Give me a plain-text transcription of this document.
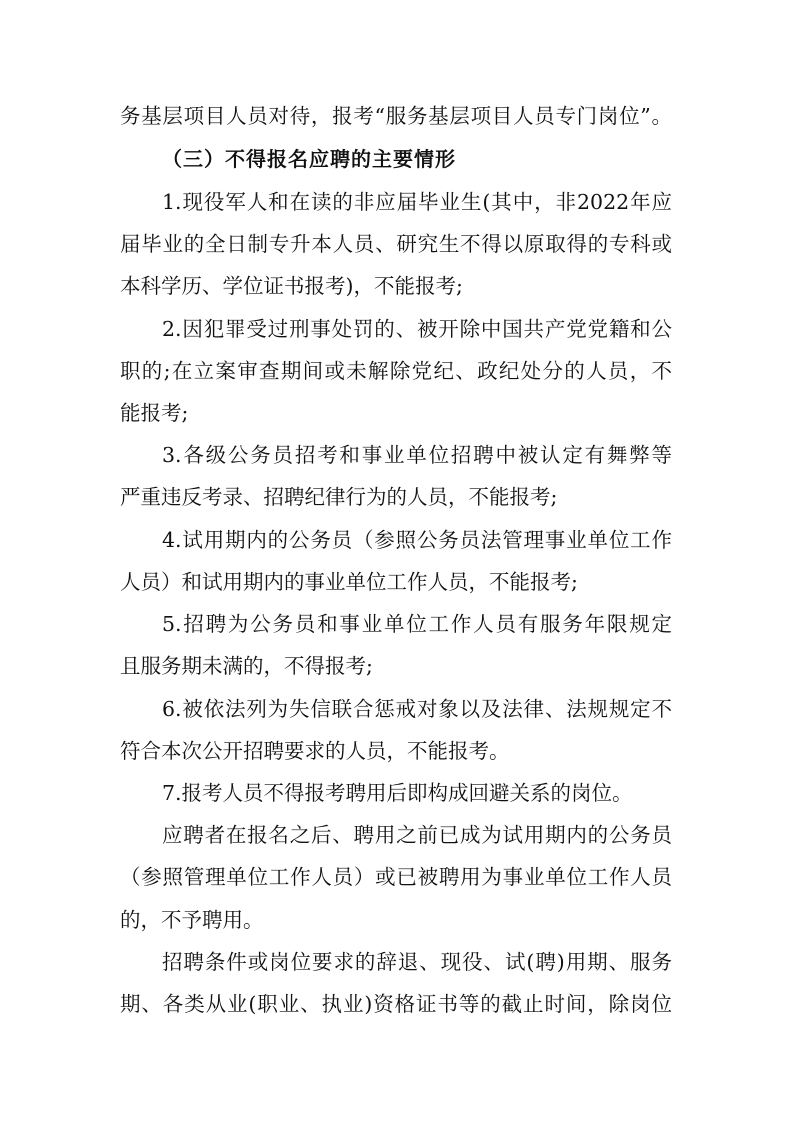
务基层项目人员对待，报考“服务基层项目人员专门岗位”。
（三）不得报名应聘的主要情形
1.现役军人和在读的非应届毕业生(其中，非2022年应
届毕业的全日制专升本人员、研究生不得以原取得的专科或
本科学历、学位证书报考)，不能报考;
2.因犯罪受过刑事处罚的、被开除中国共产党党籍和公
职的;在立案审查期间或未解除党纪、政纪处分的人员，不
能报考;
3.各级公务员招考和事业单位招聘中被认定有舞弊等
严重违反考录、招聘纪律行为的人员，不能报考;
4.试用期内的公务员（参照公务员法管理事业单位工作
人员）和试用期内的事业单位工作人员，不能报考;
5.招聘为公务员和事业单位工作人员有服务年限规定
且服务期未满的，不得报考;
6.被依法列为失信联合惩戒对象以及法律、法规规定不
符合本次公开招聘要求的人员，不能报考。
7.报考人员不得报考聘用后即构成回避关系的岗位。
应聘者在报名之后、聘用之前已成为试用期内的公务员
（参照管理单位工作人员）或已被聘用为事业单位工作人员
的，不予聘用。
招聘条件或岗位要求的辞退、现役、试(聘)用期、服务
期、各类从业(职业、执业)资格证书等的截止时间，除岗位
